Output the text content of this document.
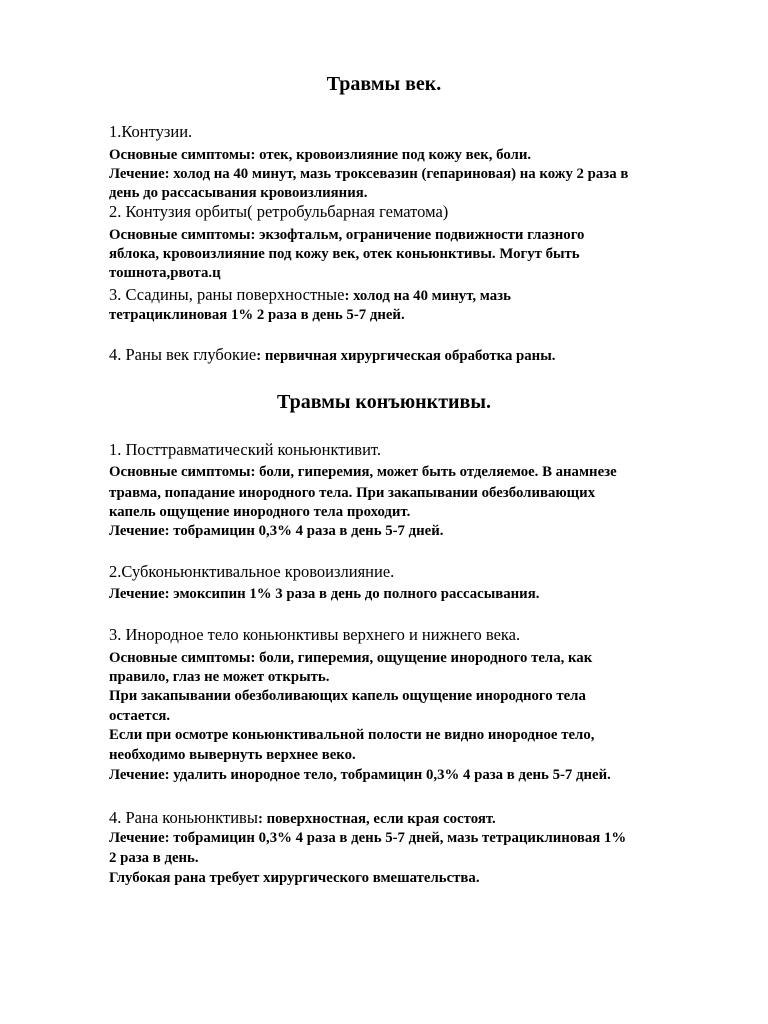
Травмы век.
Травмы конъюнктивы.

1.Контузии.

Основные симптомы: отек, кровоизлияние под кожу век, боли.

Лечение: холод на 40 минут, мазь троксевазин (гепариновая) на кожу 2 раза в

день до рассасывания кровоизлияния.

2. Контузия орбиты( ретробульбарная гематома)

Основные симптомы: экзофтальм, ограничение подвижности глазного

яблока, кровоизлияние под кожу век, отек коньюнктивы. Могут быть

тошнота,рвота.ц

3. Ссадины, раны поверхностные: холод на 40 минут, мазь

тетрациклиновая 1% 2 раза в день 5-7 дней.

4. Раны век глубокие: первичная хирургическая обработка раны.

1. Посттравматический коньюнктивит.

Основные симптомы: боли, гиперемия, может быть отделяемое. В анамнезе

травма, попадание инородного тела. При закапывании обезболивающих

капель ощущение инородного тела проходит.

Лечение: тобрамицин 0,3% 4 раза в день 5-7 дней.

2.Субконьюнктивальное кровоизлияние.

Лечение: эмоксипин 1% 3 раза в день до полного рассасывания.

3. Инородное тело коньюнктивы верхнего и нижнего века.

Основные симптомы: боли, гиперемия, ощущение инородного тела, как

правило, глаз не может открыть.

При закапывании обезболивающих капель ощущение инородного тела

остается.

Если при осмотре коньюнктивальной полости не видно инородное тело,

необходимо вывернуть верхнее веко.

Лечение: удалить инородное тело, тобрамицин 0,3% 4 раза в день 5-7 дней.

4. Рана коньюнктивы: поверхностная, если края состоят.

Лечение: тобрамицин 0,3% 4 раза в день 5-7 дней, мазь тетрациклиновая 1%

2 раза в день.

Глубокая рана требует хирургического вмешательства.
